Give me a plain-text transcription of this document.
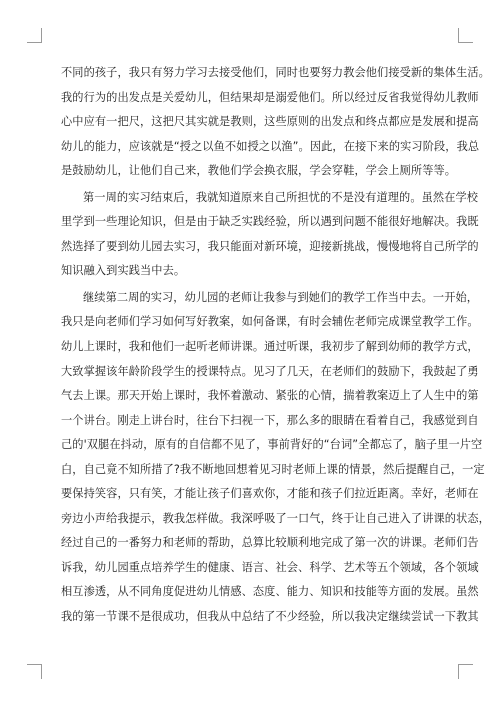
不同的孩子，我只有努力学习去接受他们，同时也要努力教会他们接受新的集体生活。
我的行为的出发点是关爱幼儿，但结果却是溺爱他们。所以经过反省我觉得幼儿教师
心中应有一把尺，这把尺其实就是教则，这些原则的出发点和终点都应是发展和提高
幼儿的能力，应该就是“授之以鱼不如授之以渔”。因此，在接下来的实习阶段，我总
是鼓励幼儿，让他们自己来，教他们学会换衣服，学会穿鞋，学会上厕所等等。
第一周的实习结束后，我就知道原来自己所担忧的不是没有道理的。虽然在学校
里学到一些理论知识，但是由于缺乏实践经验，所以遇到问题不能很好地解决。我既
然选择了要到幼儿园去实习，我只能面对新环境，迎接新挑战，慢慢地将自己所学的
知识融入到实践当中去。
继续第二周的实习，幼儿园的老师让我参与到她们的教学工作当中去。一开始，
我只是向老师们学习如何写好教案，如何备课，有时会辅佐老师完成课堂教学工作。
幼儿上课时，我和他们一起听老师讲课。通过听课，我初步了解到幼师的教学方式，
大致掌握该年龄阶段学生的授课特点。见习了几天，在老师们的鼓励下，我鼓起了勇
气去上课。那天开始上课时，我怀着激动、紧张的心情，揣着教案迈上了人生中的第
一个讲台。刚走上讲台时，往台下扫视一下，那么多的眼睛在看着自己，我感觉到自
己的'双腿在抖动，原有的自信都不见了，事前背好的“台词”全都忘了，脑子里一片空
白，自己竟不知所措了?我不断地回想着见习时老师上课的情景，然后提醒自己，一定
要保持笑容，只有笑，才能让孩子们喜欢你，才能和孩子们拉近距离。幸好，老师在
旁边小声给我提示，教我怎样做。我深呼吸了一口气，终于让自己进入了讲课的状态，
经过自己的一番努力和老师的帮助，总算比较顺利地完成了第一次的讲课。老师们告
诉我，幼儿园重点培养学生的健康、语言、社会、科学、艺术等五个领域，各个领域
相互渗透，从不同角度促进幼儿情感、态度、能力、知识和技能等方面的发展。虽然
我的第一节课不是很成功，但我从中总结了不少经验，所以我决定继续尝试一下教其
